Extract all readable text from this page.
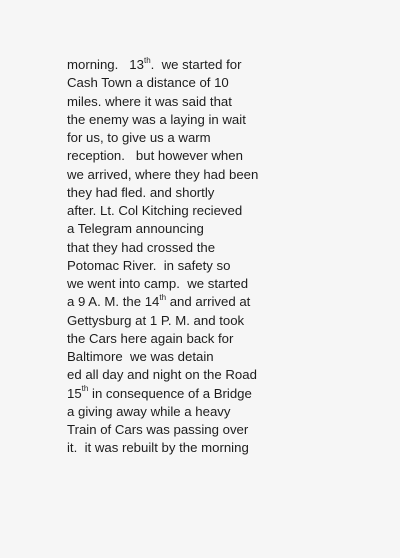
morning.   13th.  we started for
Cash Town a distance of 10
miles. where it was said that
the enemy was a laying in wait
for us, to give us a warm
reception.   but however when
we arrived, where they had been
they had fled. and shortly
after. Lt. Col Kitching recieved
a Telegram announcing
that they had crossed the
Potomac River.  in safety so
we went into camp.  we started
a 9 A. M. the 14th and arrived at
Gettysburg at 1 P. M. and took
the Cars here again back for
Baltimore  we was detain
ed all day and night on the Road
15th in consequence of a Bridge
a giving away while a heavy
Train of Cars was passing over
it.  it was rebuilt by the morning
